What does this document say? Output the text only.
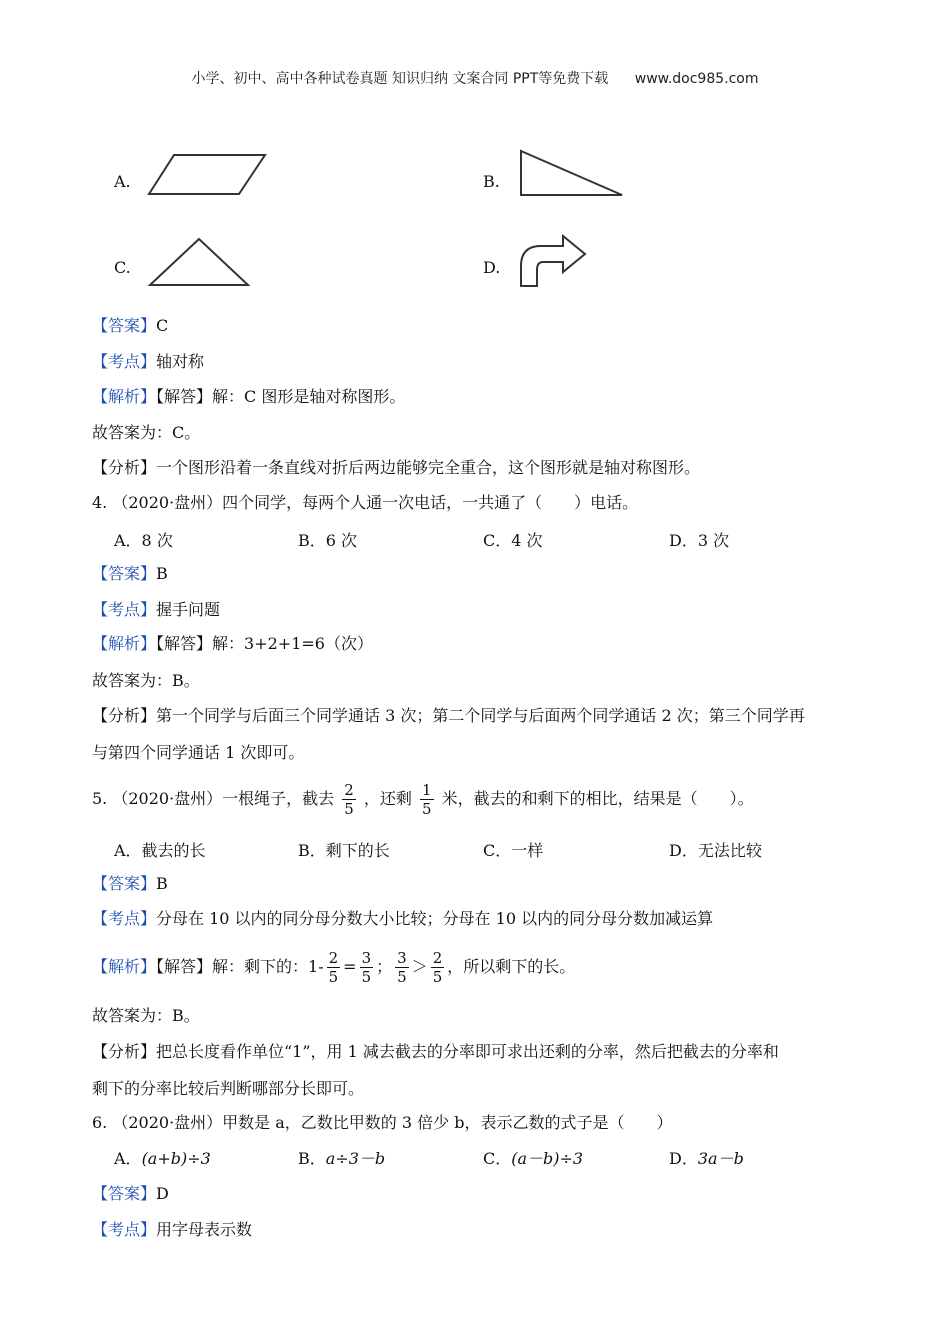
小学、初中、高中各种试卷真题 知识归纳 文案合同 PPT等免费下载 www.doc985.com
A.	B.
C.	D.
【答案】C
【考点】轴对称
【解析】【解答】解：C 图形是轴对称图形。
故答案为：C。
【分析】一个图形沿着一条直线对折后两边能够完全重合，这个图形就是轴对称图形。
4. （2020·盘州）四个同学，每两个人通一次电话，一共通了（　　）电话。
A．8 次	B．6 次	C．4 次	D．3 次
【答案】B
【考点】握手问题
【解析】【解答】解：3+2+1=6（次）
故答案为：B。
【分析】第一个同学与后面三个同学通话 3 次；第二个同学与后面两个同学通话 2 次；第三个同学再
与第四个同学通话 1 次即可。
5. （2020·盘州）一根绳子，截去 $\frac{2}{5}$ ，还剩 $\frac{1}{5}$ 米，截去的和剩下的相比，结果是（　　）。
A．截去的长	B．剩下的长	C．一样	D．无法比较
【答案】B
【考点】分母在 10 以内的同分母分数大小比较；分母在 10 以内的同分母分数加减运算
【解析】【解答】解：剩下的：$1- \frac{2}{5} = \frac{3}{5}$ ； $\frac{3}{5} > \frac{2}{5}$ ，所以剩下的长。
故答案为：B。
【分析】把总长度看作单位“1”，用 1 减去截去的分率即可求出还剩的分率，然后把截去的分率和
剩下的分率比较后判断哪部分长即可。
6. （2020·盘州）甲数是 a，乙数比甲数的 3 倍少 b，表示乙数的式子是（　　）
A．(a+b)÷3	B．a÷3－b	C．(a－b)÷3	D．3a－b
【答案】D
【考点】用字母表示数
